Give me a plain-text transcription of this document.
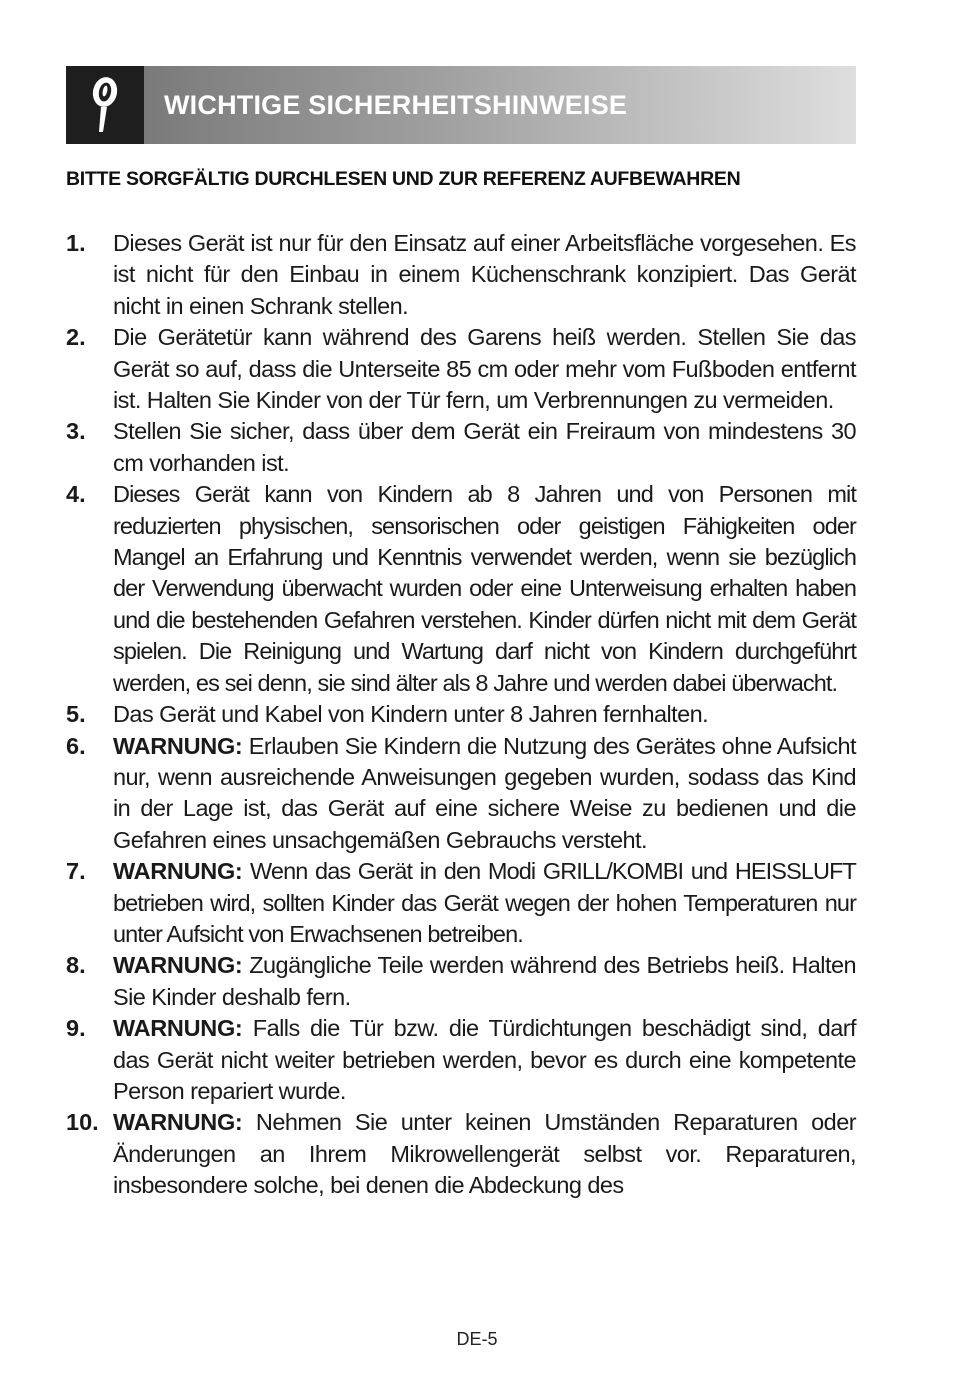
WICHTIGE SICHERHEITSHINWEISE
BITTE SORGFÄLTIG DURCHLESEN UND ZUR REFERENZ AUFBEWAHREN
1.	Dieses Gerät ist nur für den Einsatz auf einer Arbeitsfläche vorgesehen. Es ist nicht für den Einbau in einem Küchenschrank konzipiert. Das Gerät nicht in einen Schrank stellen.
2.	Die Gerätetür kann während des Garens heiß werden. Stellen Sie das Gerät so auf, dass die Unterseite 85 cm oder mehr vom Fußboden entfernt ist. Halten Sie Kinder von der Tür fern, um Verbrennungen zu vermeiden.
3.	Stellen Sie sicher, dass über dem Gerät ein Freiraum von mindestens 30 cm vorhanden ist.
4.	Dieses Gerät kann von Kindern ab 8 Jahren und von Personen mit reduzierten physischen, sensorischen oder geistigen Fähigkeiten oder Mangel an Erfahrung und Kenntnis verwendet werden, wenn sie bezüglich der Verwendung überwacht wurden oder eine Unterweisung erhalten haben und die bestehenden Gefahren verstehen. Kinder dürfen nicht mit dem Gerät spielen. Die Reinigung und Wartung darf nicht von Kindern durchgeführt werden, es sei denn, sie sind älter als 8 Jahre und werden dabei überwacht.
5.	Das Gerät und Kabel von Kindern unter 8 Jahren fernhalten.
6.	WARNUNG: Erlauben Sie Kindern die Nutzung des Gerätes ohne Aufsicht nur, wenn ausreichende Anweisungen gegeben wurden, sodass das Kind in der Lage ist, das Gerät auf eine sichere Weise zu bedienen und die Gefahren eines unsachgemäßen Gebrauchs versteht.
7.	WARNUNG: Wenn das Gerät in den Modi GRILL/KOMBI und HEISSLUFT betrieben wird, sollten Kinder das Gerät wegen der hohen Temperaturen nur unter Aufsicht von Erwachsenen betreiben.
8.	WARNUNG: Zugängliche Teile werden während des Betriebs heiß. Halten Sie Kinder deshalb fern.
9.	WARNUNG: Falls die Tür bzw. die Türdichtungen beschädigt sind, darf das Gerät nicht weiter betrieben werden, bevor es durch eine kompetente Person repariert wurde.
10. WARNUNG: Nehmen Sie unter keinen Umständen Reparaturen oder Änderungen an Ihrem Mikrowellengerät selbst vor. Reparaturen, insbesondere solche, bei denen die Abdeckung des
DE-5
